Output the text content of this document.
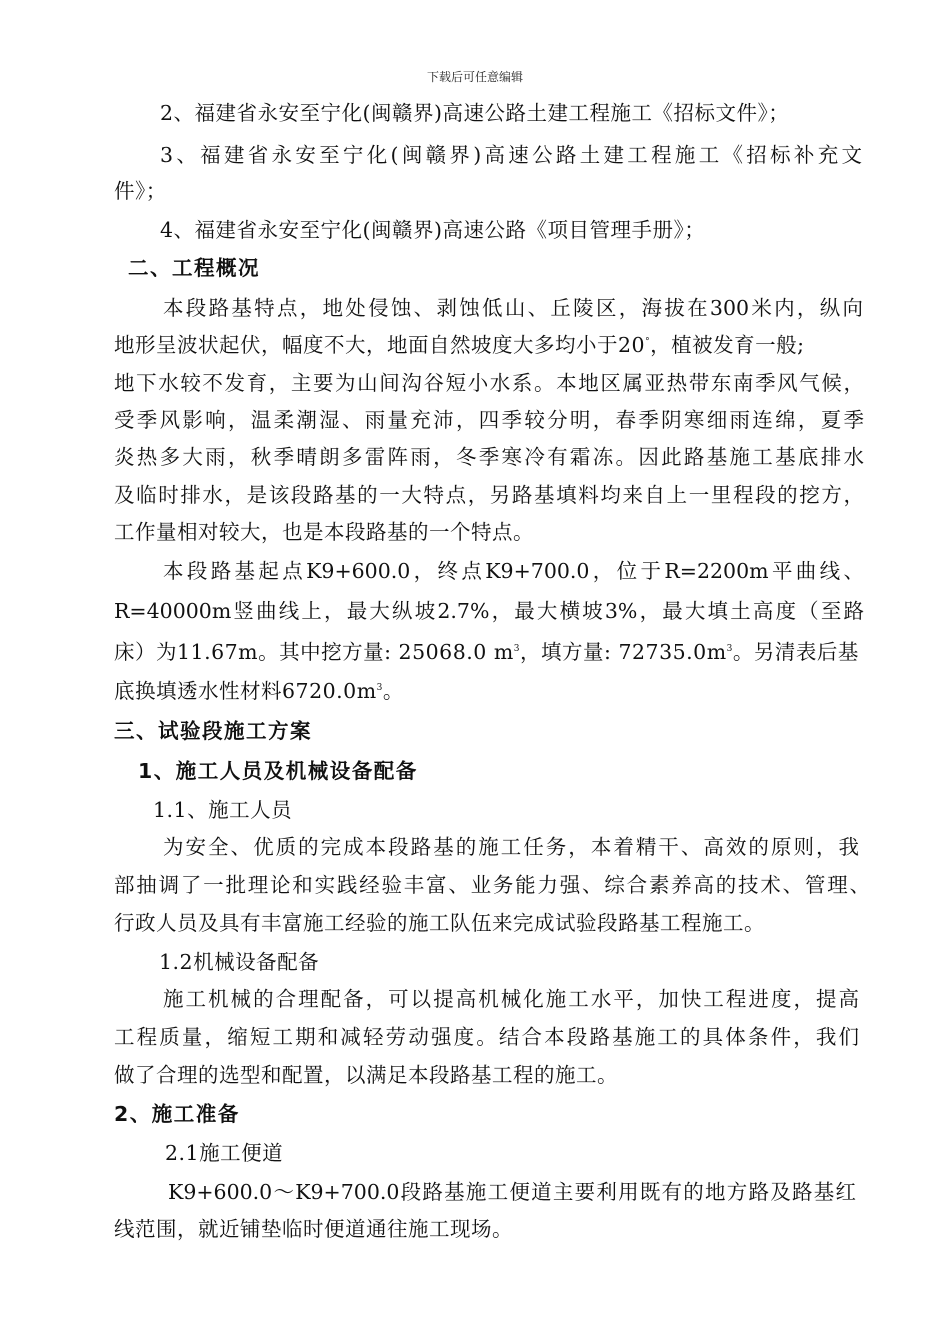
下载后可任意编辑
2、福建省永安至宁化(闽赣界)高速公路土建工程施工《招标文件》；
3、福建省永安至宁化(闽赣界)高速公路土建工程施工《招标补充文
件》；
4、福建省永安至宁化(闽赣界)高速公路《项目管理手册》；
二、工程概况
本段路基特点，地处侵蚀、剥蚀低山、丘陵区，海拔在300米内，纵向
地形呈波状起伏，幅度不大，地面自然坡度大多均小于20°，植被发育一般;
地下水较不发育，主要为山间沟谷短小水系。本地区属亚热带东南季风气候，
受季风影响，温柔潮湿、雨量充沛，四季较分明，春季阴寒细雨连绵，夏季
炎热多大雨，秋季晴朗多雷阵雨，冬季寒冷有霜冻。因此路基施工基底排水
及临时排水，是该段路基的一大特点，另路基填料均来自上一里程段的挖方，
工作量相对较大，也是本段路基的一个特点。
本段路基起点K9+600.0，终点K9+700.0，位于R=2200m平曲线、
R=40000m竖曲线上，最大纵坡2.7%，最大横坡3%，最大填土高度（至路
床）为11.67m。其中挖方量: 25068.0 $m^3$，填方量: $72735.0m^3$。另清表后基
底换填透水性材料$6720.0m^3$。
三、试验段施工方案
1、施工人员及机械设备配备
1.1、施工人员
为安全、优质的完成本段路基的施工任务，本着精干、高效的原则，我
部抽调了一批理论和实践经验丰富、业务能力强、综合素养高的技术、管理、
行政人员及具有丰富施工经验的施工队伍来完成试验段路基工程施工。
1.2机械设备配备
施工机械的合理配备，可以提高机械化施工水平，加快工程进度，提高
工程质量，缩短工期和减轻劳动强度。结合本段路基施工的具体条件，我们
做了合理的选型和配置，以满足本段路基工程的施工。
2、施工准备
2.1施工便道
K9+600.0～K9+700.0段路基施工便道主要利用既有的地方路及路基红
线范围，就近铺垫临时便道通往施工现场。
